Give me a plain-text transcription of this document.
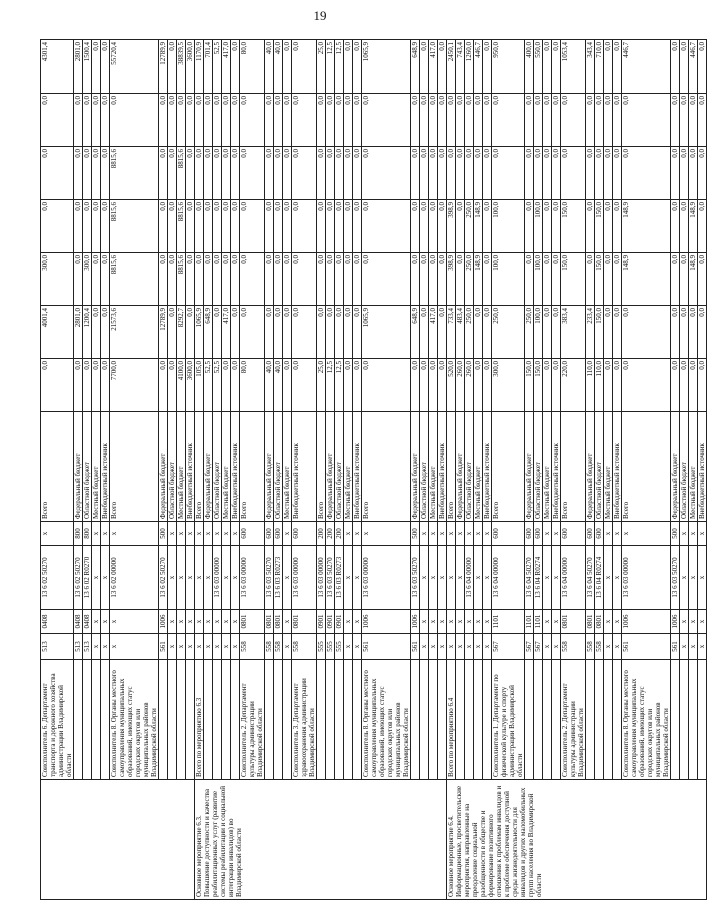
19
	Соисполнитель 6. Департамент транспорта и дорожного хозяйства администрации Владимирской области	513	0408	13 6 02 50270	x	Всего	0,0	4001,4	300,0	0,0	0,0	0,0	4301,4
		513	0408	13 6 02 50270	800	Федеральный бюджет	0,0	2801,0	0,0	0,0	0,0	0,0	2801,0
		513	0408	13 6 02 R0270	800	Областной бюджет	0,0	1200,4	300,0	0,0	0,0	0,0	1500,4
		x	x	x	x	Местный бюджет	0,0	0,0	0,0	0,0	0,0	0,0	0,0
		x	x	x	x	Внебюджетный источник	0,0	0,0	0,0	0,0	0,0	0,0	0,0
	Соисполнитель 8. Органы местного самоуправления муниципальных образований, имеющих статус городских округов или муниципальных районов Владимирской области	x	x	13 6 02 00000	x	Всего	7700,0	21573,6	8815,6	8815,6	8815,6	0,0	55720,4
		561	1006	13 6 02 50270	500	Федеральный бюджет	0,0	12789,9	0,0	0,0	0,0	0,0	12789,9
		x	x	x	x	Областной бюджет	0,0	0,0	0,0	0,0	0,0	0,0	0,0
		x	x	x	x	Местный бюджет	4100,0	8292,7	8815,6	8815,6	8815,6	0,0	38839,5
		x	x	x	x	Внебюджетный источник	3600,0	0,0	0,0	0,0	0,0	0,0	3600,0
Основное мероприятие 6.3. Повышение доступности и качества реабилитационных услуг (развитие системы реабилитации и социальной интеграции инвалидов) во Владимирской области	Всего по мероприятию 6.3	x	x	x	x	Всего	105,0	1065,9	0,0	0,0	0,0	0,0	1170,9
		x	x	x	x	Федеральный бюджет	52,5	648,9	0,0	0,0	0,0	0,0	701,4
		x	x	13 6 03 00000	x	Областной бюджет	52,5	0,0	0,0	0,0	0,0	0,0	52,5
		x	x	x	x	Местный бюджет	0,0	417,0	0,0	0,0	0,0	0,0	417,0
		x	x	x	x	Внебюджетный источник	0,0	0,0	0,0	0,0	0,0	0,0	0,0
	Соисполнитель 2. Департамент культуры администрации Владимирской области	558	0801	13 6 03 00000	600	Всего	80,0	0,0	0,0	0,0	0,0	0,0	80,0
		558	0801	13 6 03 50270	600	Федеральный бюджет	40,0	0,0	0,0	0,0	0,0	0,0	40,0
		558	0801	13 6 03 R0273	600	Областной бюджет	40,0	0,0	0,0	0,0	0,0	0,0	40,0
		x	x	x	x	Местный бюджет	0,0	0,0	0,0	0,0	0,0	0,0	0,0
	Соисполнитель 3. Департамент здравоохранения администрации Владимирской области	558	0801	13 6 03 00000	600	Внебюджетный источник	0,0	0,0	0,0	0,0	0,0	0,0	0,0
		555	0901	13 6 03 00000	200	Всего	25,0	0,0	0,0	0,0	0,0	0,0	25,0
		555	0901	13 6 03 50270	200	Федеральный бюджет	12,5	0,0	0,0	0,0	0,0	0,0	12,5
		555	0901	13 6 03 R0273	200	Областной бюджет	12,5	0,0	0,0	0,0	0,0	0,0	12,5
		x	x	x	x	Местный бюджет	0,0	0,0	0,0	0,0	0,0	0,0	0,0
		x	x	x	x	Внебюджетный источник	0,0	0,0	0,0	0,0	0,0	0,0	0,0
	Соисполнитель 8. Органы местного самоуправления муниципальных образований, имеющих статус городских округов или муниципальных районов Владимирской области	561	1006	13 6 03 00000	x	Всего	0,0	1065,9	0,0	0,0	0,0	0,0	1065,9
		561	1006	13 6 03 50270	500	Федеральный бюджет	0,0	648,9	0,0	0,0	0,0	0,0	648,9
		x	x	x	x	Областной бюджет	0,0	0,0	0,0	0,0	0,0	0,0	0,0
		x	x	x	x	Местный бюджет	0,0	417,0	0,0	0,0	0,0	0,0	417,0
		x	x	x	x	Внебюджетный источник	0,0	0,0	0,0	0,0	0,0	0,0	0,0
Основное мероприятие 6.4. Информационные, просветительские мероприятия, направленные на преодоление социальной разобщенности в обществе и формирование позитивного отношения к проблемам инвалидов и к проблеме обеспечения доступной среды жизнедеятельности для инвалидов и других маломобильных групп населения во Владимирской области	Всего по мероприятию 6.4	x	x	x	x	Всего	520,0	733,4	398,9	398,9	0,0	0,0	2450,1
		x	x	x	x	Федеральный бюджет	260,0	483,4	0,0	0,0	0,0	0,0	743,4
		x	x	13 6 04 00000	x	Областной бюджет	260,0	250,0	250,0	250,0	0,0	0,0	1260,0
		x	x	x	x	Местный бюджет	0,0	0,0	148,9	148,9	0,0	0,0	446,7
		x	x	x	x	Внебюджетный источник	0,0	0,0	0,0	0,0	0,0	0,0	0,0
	Соисполнитель 1. Департамент по физической культуре и спорту администрации Владимирской области	567	1101	13 6 04 00000	600	Всего	300,0	250,0	100,0	100,0	0,0	0,0	950,0
		567	1101	13 6 04 50270	600	Федеральный бюджет	150,0	250,0	0,0	0,0	0,0	0,0	400,0
		567	1101	13 6 04 R0274	600	Областной бюджет	150,0	100,0	100,0	100,0	0,0	0,0	550,0
		x	x	x	x	Местный бюджет	0,0	0,0	0,0	0,0	0,0	0,0	0,0
		x	x	x	x	Внебюджетный источник	0,0	0,0	0,0	0,0	0,0	0,0	0,0
	Соисполнитель 2. Департамент культуры администрации Владимирской области	558	0801	13 6 04 00000	600	Всего	220,0	383,4	150,0	150,0	0,0	0,0	1053,4
		558	0801	13 6 04 50270	600	Федеральный бюджет	110,0	233,4	0,0	0,0	0,0	0,0	343,4
		558	0801	13 6 04 R0274	600	Областной бюджет	110,0	150,0	150,0	150,0	0,0	0,0	710,0
		x	x	x	x	Местный бюджет	0,0	0,0	0,0	0,0	0,0	0,0	0,0
		x	x	x	x	Внебюджетный источник	0,0	0,0	0,0	0,0	0,0	0,0	0,0
	Соисполнитель 8. Органы местного самоуправления муниципальных образований, имеющих статус городских округов или муниципальных районов Владимирской области	561	1006	13 6 03 00000	x	Всего	0,0	0,0	148,9	148,9	0,0	0,0	446,7
		561	1006	13 6 03 50270	500	Федеральный бюджет	0,0	0,0	0,0	0,0	0,0	0,0	0,0
		x	x	x	x	Областной бюджет	0,0	0,0	0,0	0,0	0,0	0,0	0,0
		x	x	x	x	Местный бюджет	0,0	0,0	148,9	148,9	0,0	0,0	446,7
		x	x	x	x	Внебюджетный источник	0,0	0,0	0,0	0,0	0,0	0,0	0,0
